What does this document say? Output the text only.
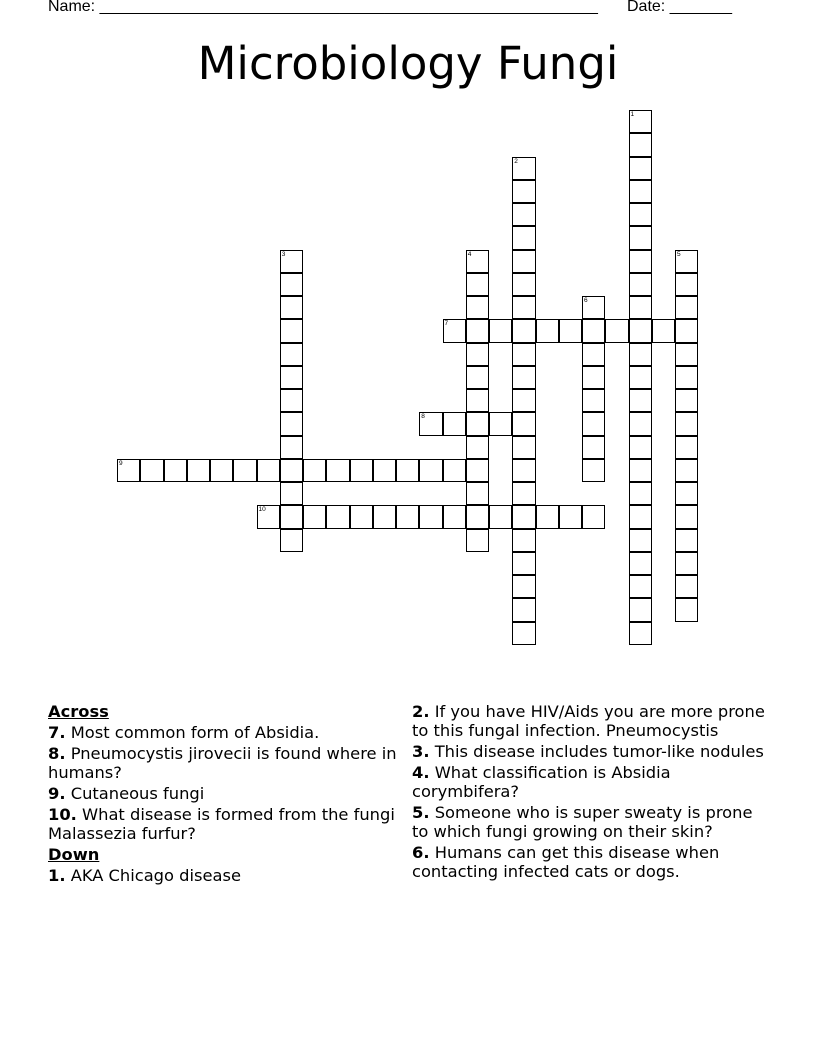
Name: ________________________________________________________ Date: _______
Microbiology Fungi
1
2
3	4	5
6
7
8
9
10
Across
7. Most common form of Absidia.
8. Pneumocystis jirovecii is found where in humans?
9. Cutaneous fungi
10. What disease is formed from the fungi Malassezia furfur?
Down
1. AKA Chicago disease
2. If you have HIV/Aids you are more prone to this fungal infection. Pneumocystis
3. This disease includes tumor-like nodules
4. What classification is Absidia corymbifera?
5. Someone who is super sweaty is prone to which fungi growing on their skin?
6. Humans can get this disease when contacting infected cats or dogs.
